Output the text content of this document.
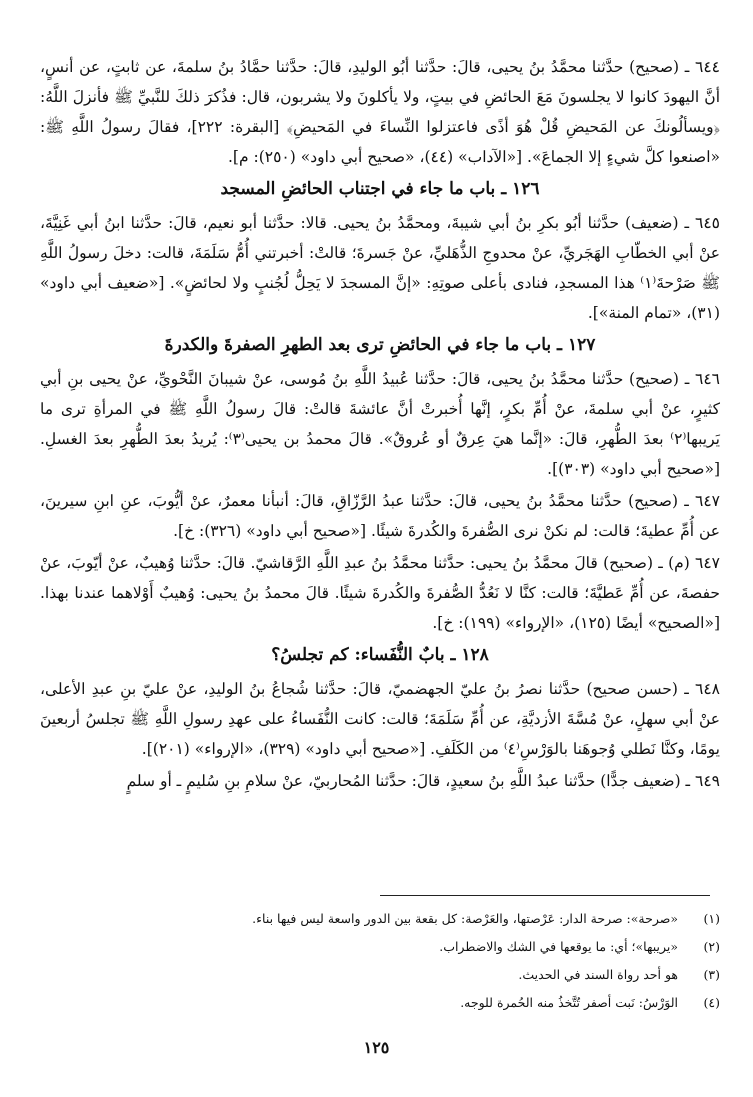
٦٤٤ ـ (صحيح) حدَّثنا محمَّدُ بنُ يحيى، قالَ: حدَّثنا أبُو الوليدِ، قالَ: حدَّثنا حمَّادُ بنُ سلمةَ، عن ثابتٍ، عن أنسٍ، أنَّ اليهودَ كانوا لا يجلسونَ مَعَ الحائضِ في بيتٍ، ولا يأكلونَ ولا يشربون، قال: فذُكرَ ذلكَ للنَّبيِّ ﷺ فأنزلَ اللَّهُ: ﴿ويسألُونكَ عن المَحيضِ قُلْ هُوَ أذًى فاعتزلوا النِّساءَ في المَحيضِ﴾ [البقرة: ٢٢٢]، فقالَ رسولُ اللَّهِ ﷺ: «اصنعوا كلَّ شيءٍ إلا الجماعَ». [«الآداب» (٤٤)، «صحيح أبي داود» (٢٥٠): م].

١٢٦ ـ باب ما جاء في اجتناب الحائضِ المسجد

٦٤٥ ـ (ضعيف) حدَّثنا أبُو بكرِ بنُ أبي شيبةَ، ومحمَّدُ بنُ يحيى. قالا: حدَّثنا أبو نعيم، قالَ: حدَّثنا ابنُ أبي غَنِيَّةَ، عنْ أبي الخطّابِ الهَجَريِّ، عنْ محدوجِ الذُّهَليِّ، عنْ جَسرةَ؛ قالتْ: أخبرتني أُمُّ سَلَمَةَ، قالت: دخلَ رسولُ اللَّهِ ﷺ صَرْحةَ⁽١⁾ هذا المسجدِ، فنادى بأعلى صوتِهِ: «إنَّ المسجدَ لا يَحِلُّ لُجُنبٍ ولا لحائضٍ». [«ضعيف أبي داود» (٣١)، «تمام المنة»].

١٢٧ ـ باب ما جاء في الحائضِ ترى بعد الطهرِ الصفرةَ والكدرةَ

٦٤٦ ـ (صحيح) حدَّثنا محمَّدُ بنُ يحيى، قالَ: حدَّثنا عُبيدُ اللَّهِ بنُ مُوسى، عنْ شيبانَ النَّحْويِّ، عنْ يحيى بنِ أبي كثيرٍ، عنْ أبي سلمةَ، عنْ أُمِّ بكرٍ، إنَّها أُخبرتْ أنَّ عائشةَ قالتْ: قالَ رسولُ اللَّهِ ﷺ في المرأةِ ترى ما يَريبها⁽٢⁾ بعدَ الطُّهرِ، قالَ: «إنَّما هيَ عِرقٌ أو عُروقٌ». قالَ محمدُ بن يحيى⁽٣⁾: يُريدُ بعدَ الطُّهرِ بعدَ الغسلِ. [«صحيح أبي داود» (٣٠٣)].

٦٤٧ ـ (صحيح) حدَّثنا محمَّدُ بنُ يحيى، قالَ: حدَّثنا عبدُ الرَّزّاقِ، قالَ: أنبأنا معمرٌ، عنْ أيُّوبَ، عنِ ابنِ سيرينَ، عن أُمِّ عطيةَ؛ قالت: لم نكنْ نرى الصُّفرةَ والكُدرةَ شيئًا. [«صحيح أبي داود» (٣٢٦): خ].

٦٤٧ (م) ـ (صحيح) قالَ محمَّدُ بنُ يحيى: حدَّثنا محمَّدُ بنُ عبدِ اللَّهِ الرَّقاشيّ. قالَ: حدَّثنا وُهيبٌ، عنْ أيّوبَ، عنْ حفصةَ، عن أُمِّ عَطيَّةَ؛ قالت: كنَّا لا نَعُدُّ الصُّفرةَ والكُدرةَ شيئًا. قالَ محمدُ بنُ يحيى: وُهيبٌ أَوْلاهما عندنا بهذا. [«الصحيح» أيضًا (١٢٥)، «الإرواء» (١٩٩): خ].

١٢٨ ـ بابٌ النُّفَساء: كم تجلسُ؟

٦٤٨ ـ (حسن صحيح) حدَّثنا نصرُ بنُ عليّ الجهضميّ، قالَ: حدَّثنا شُجاعُ بنُ الوليدِ، عنْ عليّ بنِ عبدِ الأعلى، عنْ أبي سهلٍ، عنْ مُسَّةَ الأزديَّةِ، عن أُمِّ سَلَمَةَ؛ قالت: كانت النُّفَساءُ على عهدِ رسولِ اللَّهِ ﷺ تجلسُ أربعينَ يومًا، وكنَّا نَطلي وُجوهَنا بالوَرْسِ⁽٤⁾ من الكَلَفِ. [«صحيح أبي داود» (٣٢٩)، «الإرواء» (٢٠١)].

٦٤٩ ـ (ضعيف جدًّا) حدَّثنا عبدُ اللَّهِ بنُ سعيدٍ، قالَ: حدَّثنا المُحاربيّ، عنْ سلامِ بنِ سُليمٍ ـ أو سلمٍ

(١)
«صرحة»: صرحة الدار: عَرْصتها، والعَرْصة: كل بقعة بين الدور واسعة ليس فيها بناء.
(٢)
«يريبها»؛ أي: ما يوقعها في الشك والاضطراب.
(٣)
هو أحد رواة السند في الحديث.
(٤)
الوَرْسُ: نَبت أصفر تُتَّخذُ منه الحُمرة للوجه.
١٢٥
